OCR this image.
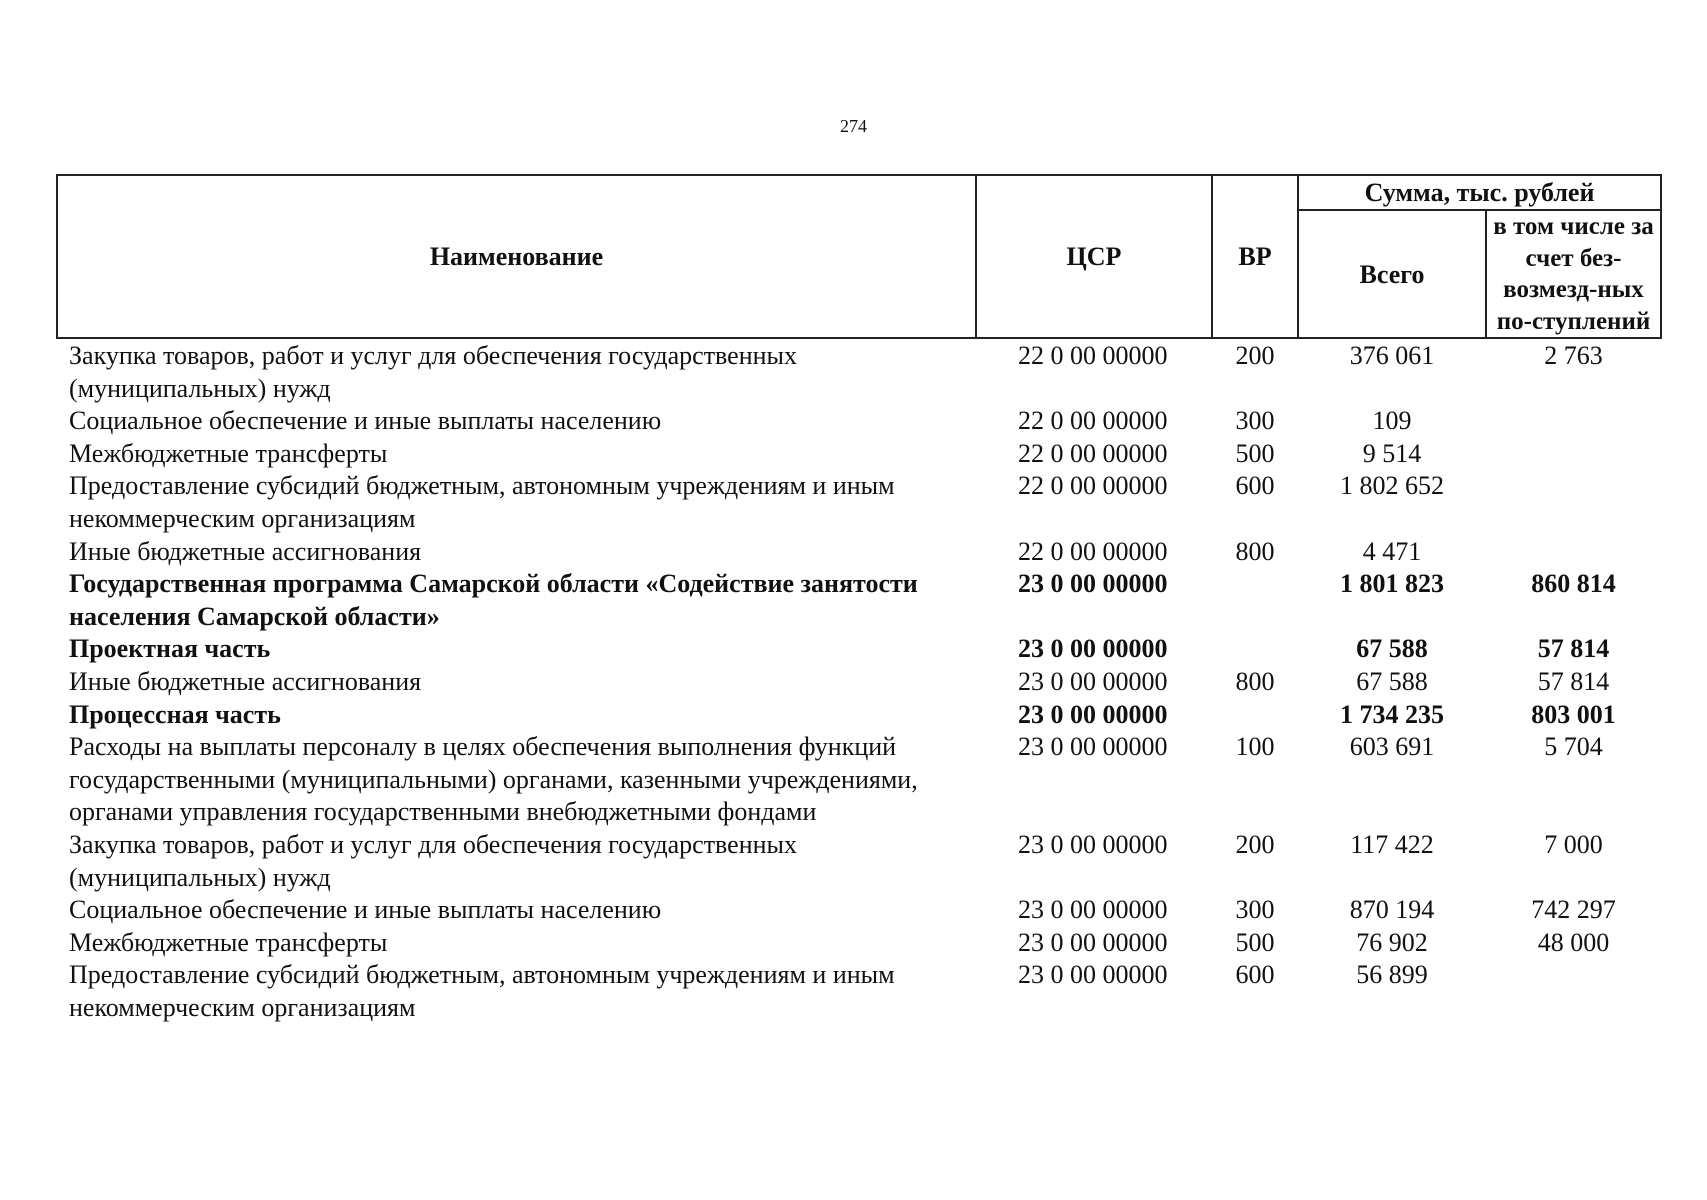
274
Наименование	ЦСР	ВР	Сумма, тыс. рублей	
			Всего	в том числе за счет без-возмезд-ных по-ступлений
Закупка товаров, работ и услуг для обеспечения государственных (муниципальных) нужд	22 0 00 00000	200	376 061	2 763
Социальное обеспечение и иные выплаты населению	22 0 00 00000	300	109	
Межбюджетные трансферты	22 0 00 00000	500	9 514	
Предоставление субсидий бюджетным, автономным учреждениям и иным некоммерческим организациям	22 0 00 00000	600	1 802 652	
Иные бюджетные ассигнования	22 0 00 00000	800	4 471	
Государственная программа Самарской области «Содействие занятости населения Самарской области»	23 0 00 00000		1 801 823	860 814
Проектная часть	23 0 00 00000		67 588	57 814
Иные бюджетные ассигнования	23 0 00 00000	800	67 588	57 814
Процессная часть	23 0 00 00000		1 734 235	803 001
Расходы на выплаты персоналу в целях обеспечения выполнения функций государственными (муниципальными) органами, казенными учреждениями, органами управления государственными внебюджетными фондами	23 0 00 00000	100	603 691	5 704
Закупка товаров, работ и услуг для обеспечения государственных (муниципальных) нужд	23 0 00 00000	200	117 422	7 000
Социальное обеспечение и иные выплаты населению	23 0 00 00000	300	870 194	742 297
Межбюджетные трансферты	23 0 00 00000	500	76 902	48 000
Предоставление субсидий бюджетным, автономным учреждениям и иным некоммерческим организациям	23 0 00 00000	600	56 899	
